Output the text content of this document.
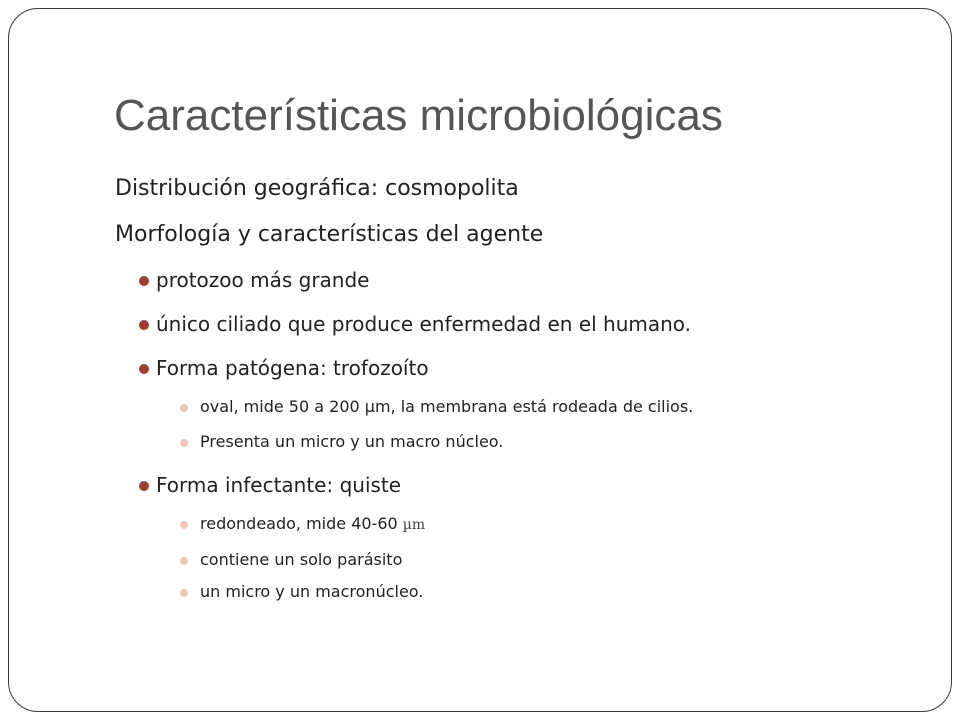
Características microbiológicas

Distribución geográfica: cosmopolita

Morfología y características del agente

protozoo más grande

único ciliado que produce enfermedad en el humano.

Forma patógena: trofozoíto

oval, mide 50 a 200 µm, la membrana está rodeada de cilios.

Presenta un micro y un macro núcleo.

Forma infectante: quiste

redondeado, mide 40-60 µm

contiene un solo parásito

un micro y un macronúcleo.
